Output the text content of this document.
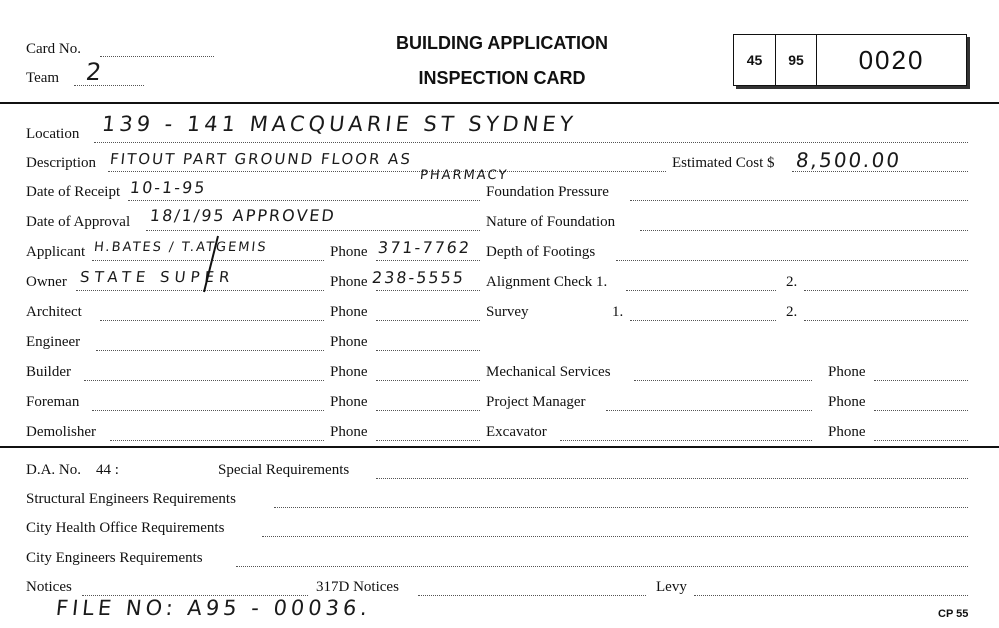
Card No.
Team 2
BUILDING APPLICATION
INSPECTION CARD
45	95	0020
Location 139 - 141 MACQUARIE ST SYDNEY
Description FITOUT PART GROUND FLOOR AS
PHARMACY
Estimated Cost $ 8,500.00
Date of Receipt 10-1-95	Foundation Pressure
Date of Approval 18/1/95 APPROVED	Nature of Foundation
Applicant H.BATES / T.ATGEMIS	Phone 371-7762 Depth of Footings
Owner STATE SUPER	Phone 238-5555 Alignment Check 1.	2.
Architect	Phone	Survey	1.	2.
Engineer	Phone
Builder	Phone	Mechanical Services	Phone
Foreman	Phone	Project Manager	Phone
Demolisher	Phone	Excavator	Phone
D.A. No. 44 :	Special Requirements
Structural Engineers Requirements
City Health Office Requirements
City Engineers Requirements
Notices	317D Notices	Levy
FILE NO: A95 - 00036.	CP 55
